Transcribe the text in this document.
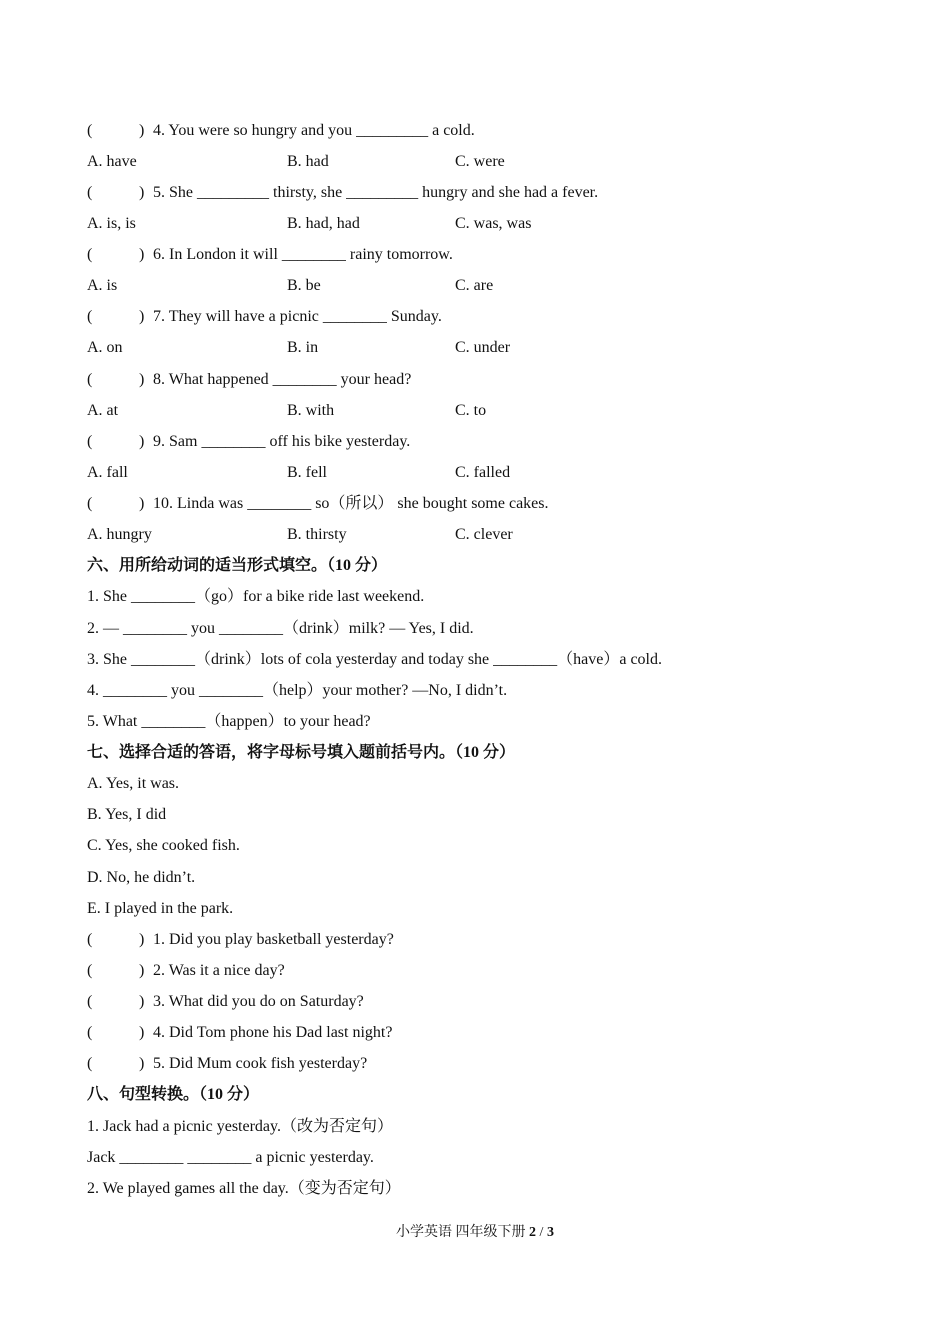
(	) 4. You were so hungry and you _________ a cold.
A. have	B. had	C. were
(	) 5. She _________ thirsty, she _________ hungry and she had a fever.
A. is, is	B. had, had	C. was, was
(	) 6. In London it will ________ rainy tomorrow.
A. is	B. be	C. are
(	) 7. They will have a picnic ________ Sunday.
A. on	B. in	C. under
(	) 8. What happened ________ your head?
A. at	B. with	C. to
(	) 9. Sam ________ off his bike yesterday.
A. fall	B. fell	C. falled
(	) 10. Linda was ________ so（所以） she bought some cakes.
A. hungry	B. thirsty	C. clever
六、用所给动词的适当形式填空。（10 分）
1. She ________（go）for a bike ride last weekend.
2. — ________ you ________（drink）milk? — Yes, I did.
3. She ________（drink）lots of cola yesterday and today she ________（have）a cold.
4. ________ you ________（help）your mother? —No, I didn’t.
5. What ________（happen）to your head?
七、选择合适的答语，将字母标号填入题前括号内。（10 分）
A. Yes, it was.
B. Yes, I did
C. Yes, she cooked fish.
D. No, he didn’t.
E. I played in the park.
(	) 1. Did you play basketball yesterday?
(	) 2. Was it a nice day?
(	) 3. What did you do on Saturday?
(	) 4. Did Tom phone his Dad last night?
(	) 5. Did Mum cook fish yesterday?
八、句型转换。（10 分）
1. Jack had a picnic yesterday.（改为否定句）
Jack ________ ________ a picnic yesterday.
2. We played games all the day.（变为否定句）
小学英语 四年级下册 2 / 3
